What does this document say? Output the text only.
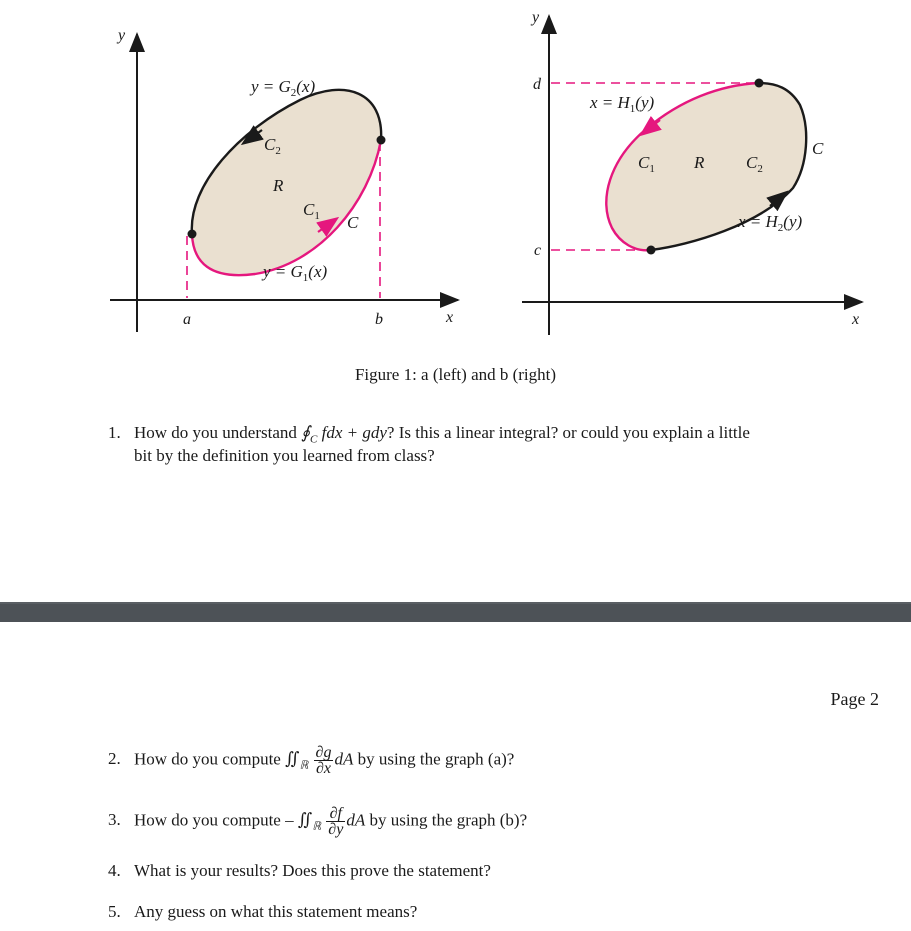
y
x
a	b
$y = G_2(x)$
$y = G_1(x)$
$C_2$
R
$C_1$ C
y
x
d
c
$x = H_1(y)$
$x = H_2(y)$
$C_1$ R $C_2$
C
Figure 1: a (left) and b (right)
1. How do you understand $∮_C$ fdx + gdy? Is this a linear integral? or could you explain a little
bit by the definition you learned from class?
Page 2
2. How do you compute $∬_ℝ \frac{\partial g}{\partial x}$ dA by using the graph (a)?
3. How do you compute – $∬_ℝ \frac{\partial f}{\partial y}$ dA by using the graph (b)?
4. What is your results? Does this prove the statement?
5. Any guess on what this statement means?
